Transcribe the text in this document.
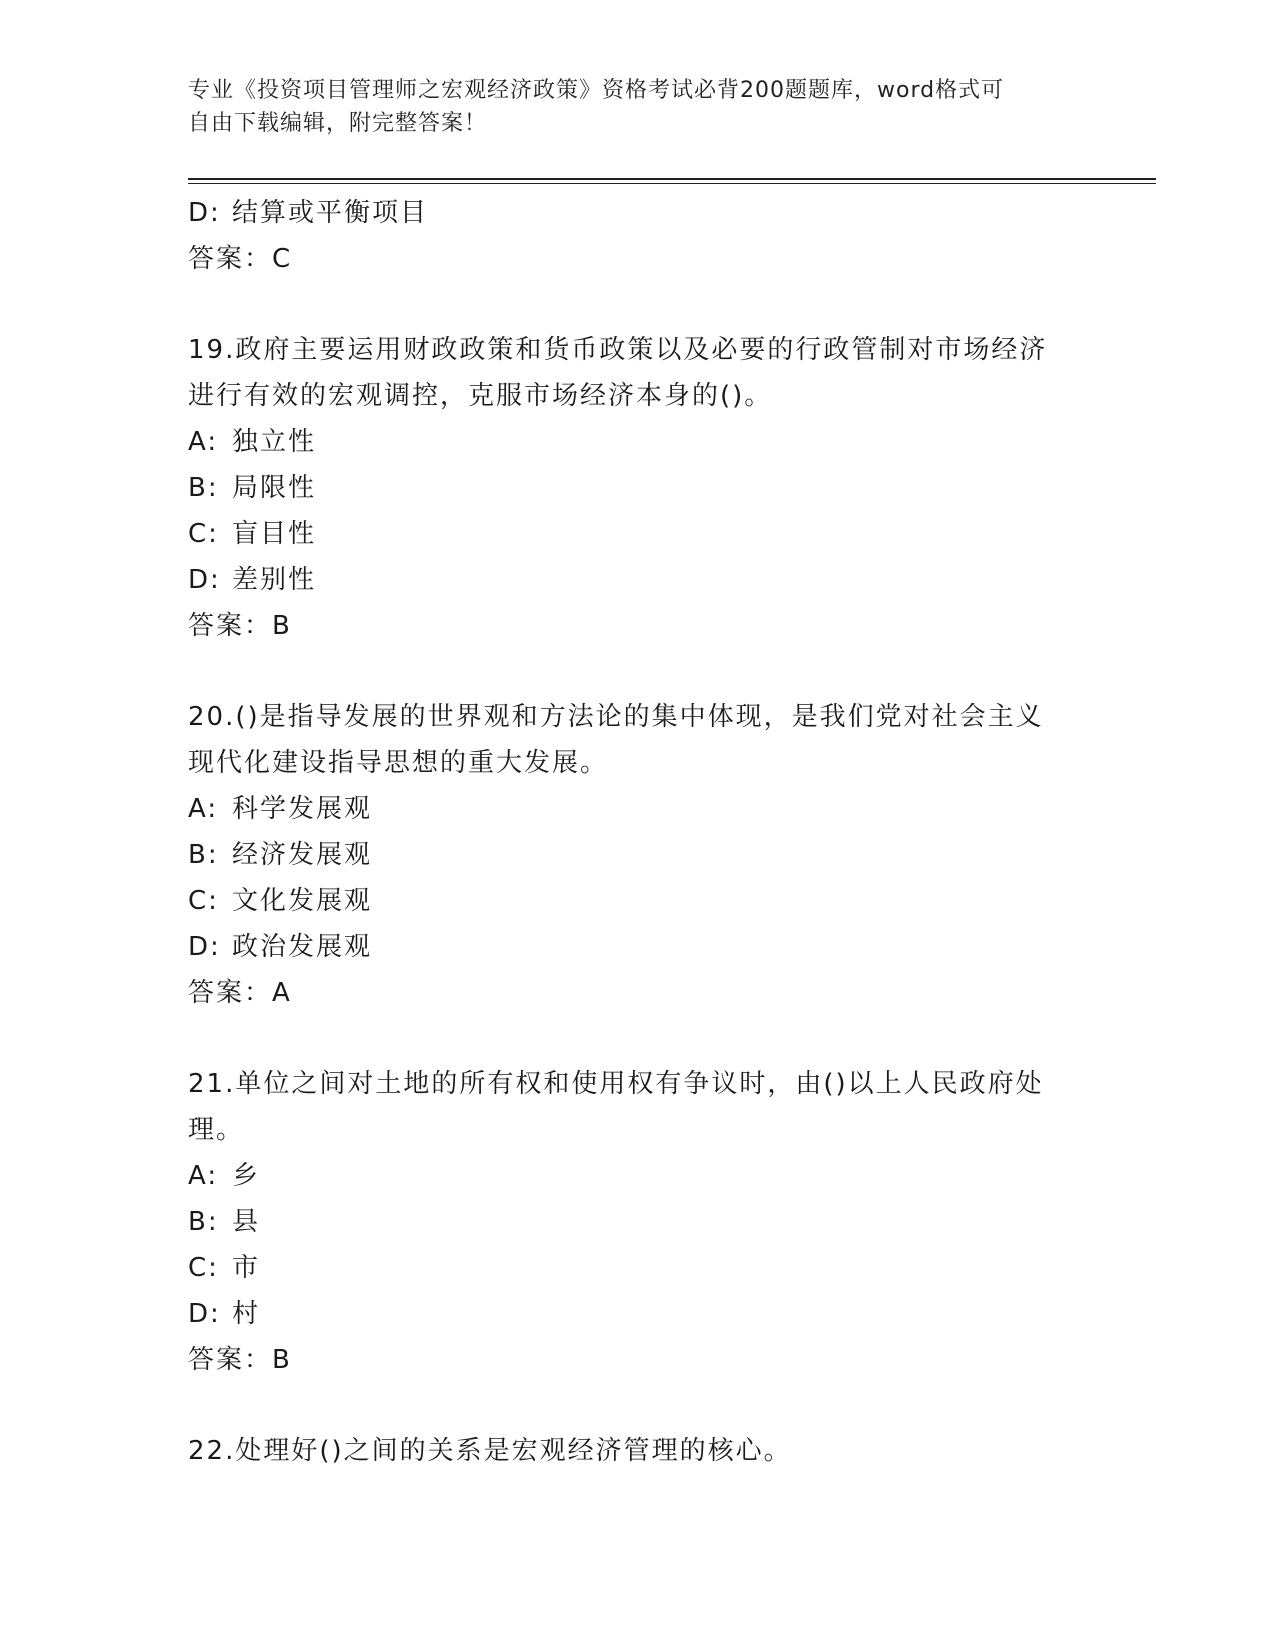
专业《投资项目管理师之宏观经济政策》资格考试必背200题题库，word格式可
自由下载编辑，附完整答案！
D: 结算或平衡项目
答案：C
19.政府主要运用财政政策和货币政策以及必要的行政管制对市场经济进行有效的宏观调控，克服市场经济本身的()。
A: 独立性
B: 局限性
C: 盲目性
D: 差别性
答案：B
20.()是指导发展的世界观和方法论的集中体现，是我们党对社会主义现代化建设指导思想的重大发展。
A: 科学发展观
B: 经济发展观
C: 文化发展观
D: 政治发展观
答案：A
21.单位之间对土地的所有权和使用权有争议时，由()以上人民政府处理。
A: 乡
B: 县
C: 市
D: 村
答案：B
22.处理好()之间的关系是宏观经济管理的核心。
